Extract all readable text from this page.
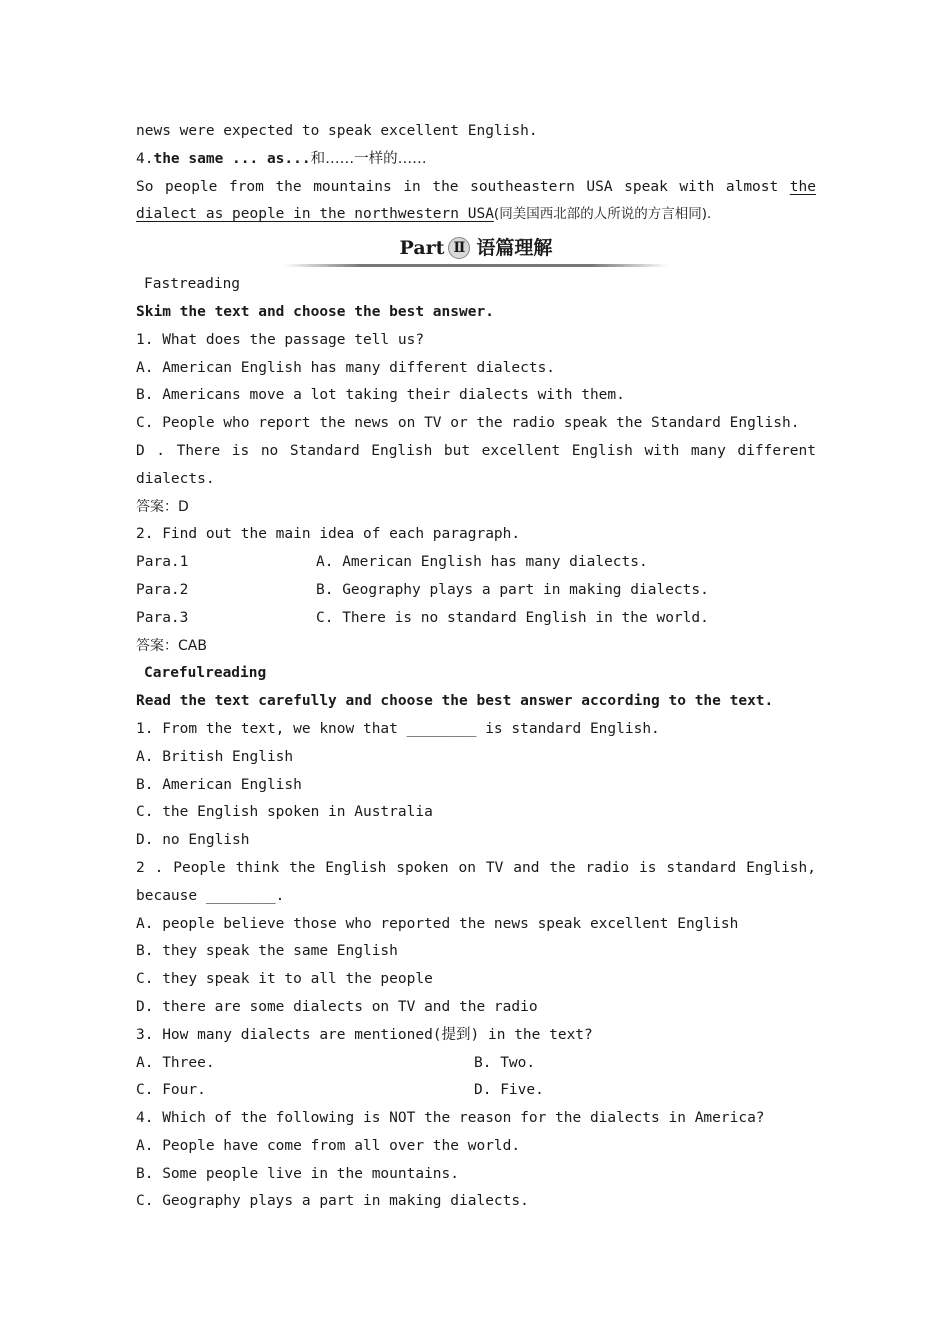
news were expected to speak excellent English.
4.the same ... as...和……一样的……
So people from the mountains in the southeastern USA speak with almost the
dialect as people in the northwestern USA(同美国西北部的人所说的方言相同).
Part Ⅱ 语篇理解
Fastreading
Skim the text and choose the best answer.
1. What does the passage tell us?
A. American English has many different dialects.
B. Americans move a lot taking their dialects with them.
C. People who report the news on TV or the radio speak the Standard English.
D . There is no Standard English but excellent English with many different
dialects.
答案：D
2. Find out the main idea of each paragraph.
Para.1	A. American English has many dialects.
Para.2	B. Geography plays a part in making dialects.
Para.3	C. There is no standard English in the world.
答案：CAB
Carefulreading
Read the text carefully and choose the best answer according to the text.
1. From the text, we know that ________ is standard English.
A. British English
B. American English
C. the English spoken in Australia
D. no English
2 . People think the English spoken on TV and the radio is standard English,
because ________.
A. people believe those who reported the news speak excellent English
B. they speak the same English
C. they speak it to all the people
D. there are some dialects on TV and the radio
3. How many dialects are mentioned(提到) in the text?
A. Three.	B. Two.
C. Four.	D. Five.
4. Which of the following is NOT the reason for the dialects in America?
A. People have come from all over the world.
B. Some people live in the mountains.
C. Geography plays a part in making dialects.
